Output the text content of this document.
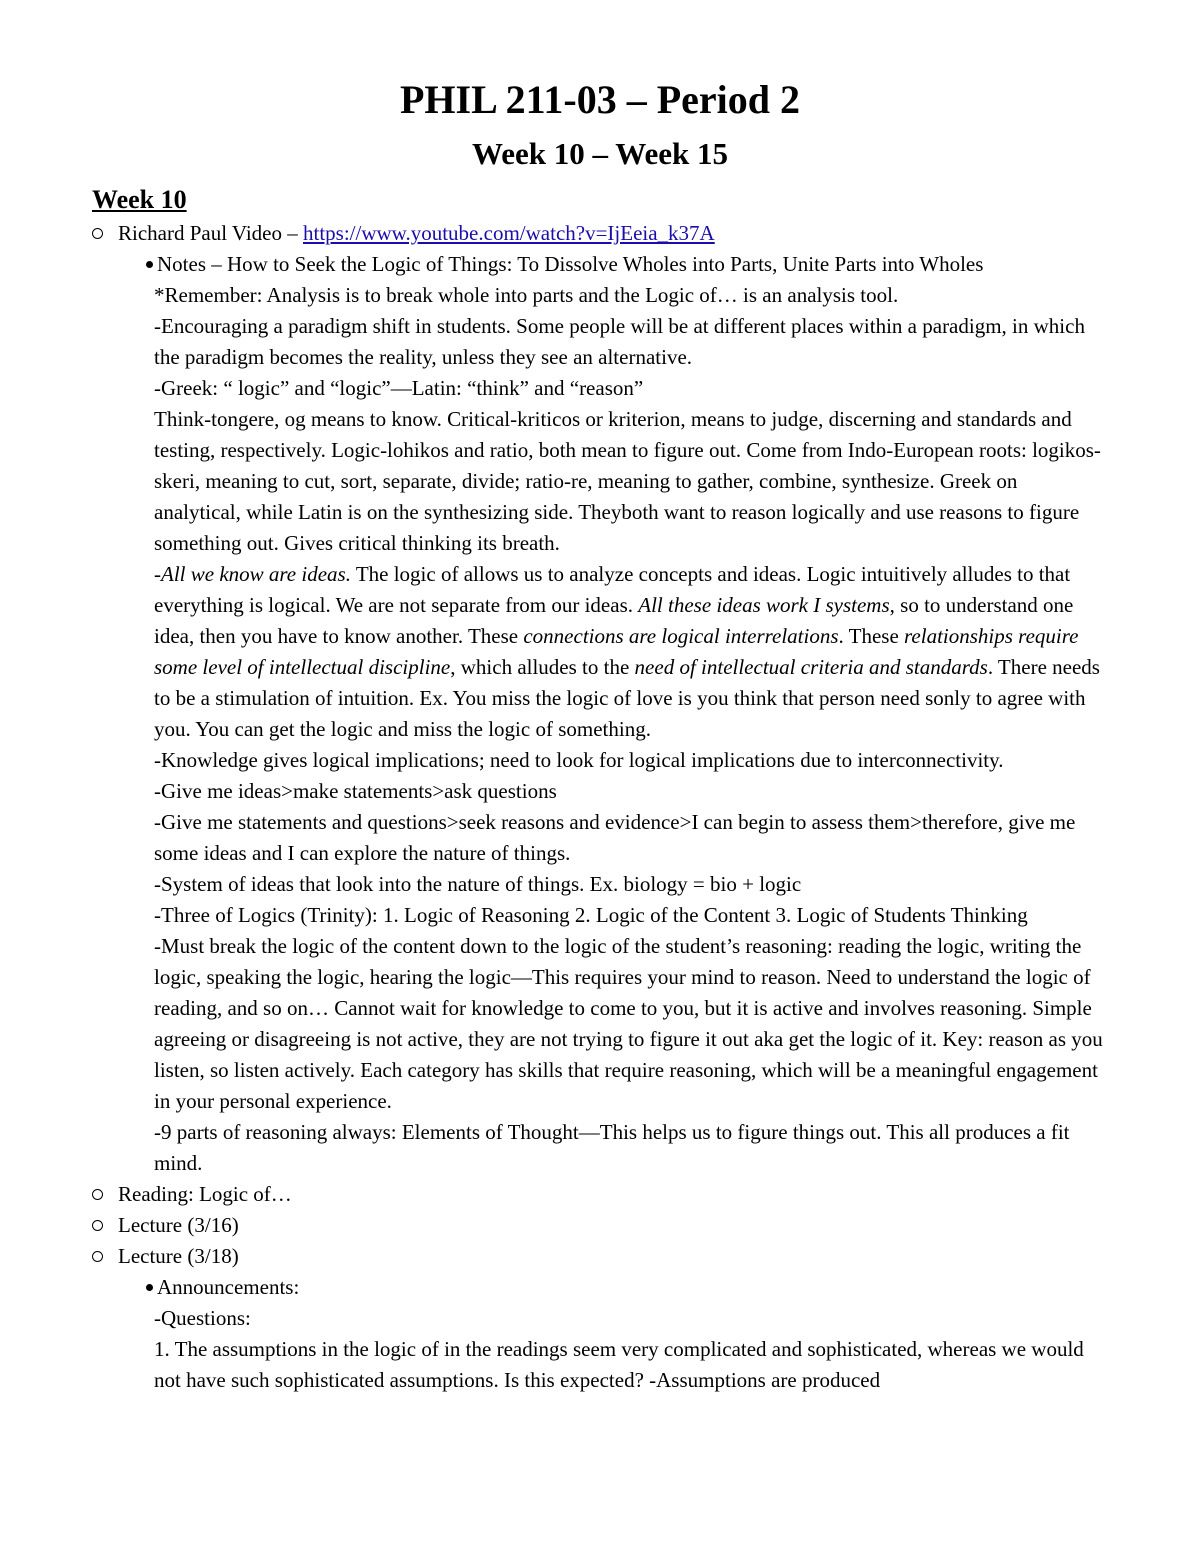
PHIL 211-03 – Period 2
Week 10 – Week 15
Week 10
Richard Paul Video – https://www.youtube.com/watch?v=IjEeia_k37A
Notes – How to Seek the Logic of Things: To Dissolve Wholes into Parts, Unite Parts into Wholes
*Remember: Analysis is to break whole into parts and the Logic of… is an analysis tool.
-Encouraging a paradigm shift in students. Some people will be at different places within a paradigm, in which the paradigm becomes the reality, unless they see an alternative.
-Greek: “ logic” and “logic”—Latin: “think” and “reason”
Think-tongere, og means to know. Critical-kriticos or kriterion, means to judge, discerning and standards and testing, respectively. Logic-lohikos and ratio, both mean to figure out. Come from Indo-European roots: logikos-skeri, meaning to cut, sort, separate, divide; ratio-re, meaning to gather, combine, synthesize. Greek on analytical, while Latin is on the synthesizing side. Theyboth want to reason logically and use reasons to figure something out. Gives critical thinking its breath.
-All we know are ideas. The logic of allows us to analyze concepts and ideas. Logic intuitively alludes to that everything is logical. We are not separate from our ideas. All these ideas work I systems, so to understand one idea, then you have to know another. These connections are logical interrelations. These relationships require some level of intellectual discipline, which alludes to the need of intellectual criteria and standards. There needs to be a stimulation of intuition. Ex. You miss the logic of love is you think that person need sonly to agree with you. You can get the logic and miss the logic of something.
-Knowledge gives logical implications; need to look for logical implications due to interconnectivity.
-Give me ideas>make statements>ask questions
-Give me statements and questions>seek reasons and evidence>I can begin to assess them>therefore, give me some ideas and I can explore the nature of things.
-System of ideas that look into the nature of things. Ex. biology = bio + logic
-Three of Logics (Trinity): 1. Logic of Reasoning 2. Logic of the Content 3. Logic of Students Thinking
-Must break the logic of the content down to the logic of the student’s reasoning: reading the logic, writing the logic, speaking the logic, hearing the logic—This requires your mind to reason. Need to understand the logic of reading, and so on… Cannot wait for knowledge to come to you, but it is active and involves reasoning. Simple agreeing or disagreeing is not active, they are not trying to figure it out aka get the logic of it. Key: reason as you listen, so listen actively. Each category has skills that require reasoning, which will be a meaningful engagement in your personal experience.
-9 parts of reasoning always: Elements of Thought—This helps us to figure things out. This all produces a fit mind.
Reading: Logic of…
Lecture (3/16)
Lecture (3/18)
Announcements:
-Questions:
1. The assumptions in the logic of in the readings seem very complicated and sophisticated, whereas we would not have such sophisticated assumptions. Is this expected? -Assumptions are produced
